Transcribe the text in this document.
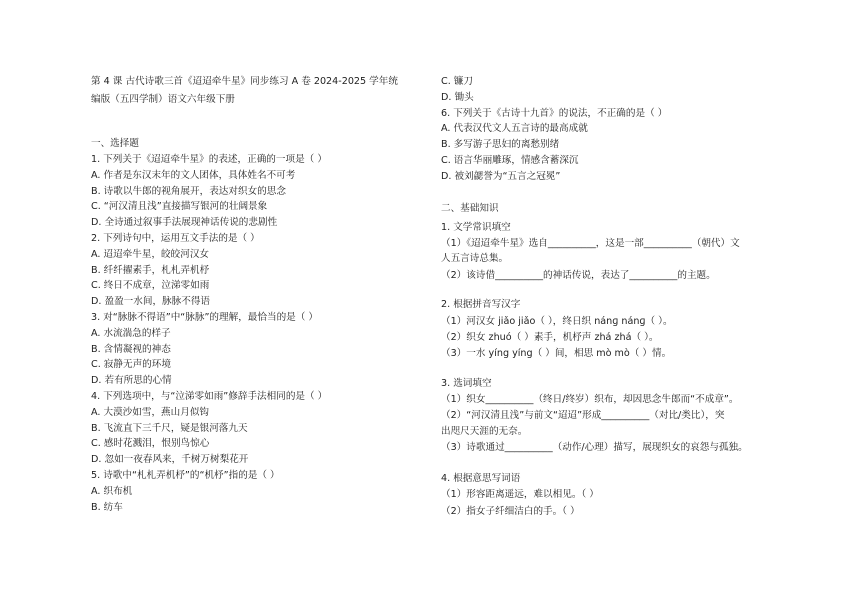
第 4 课 古代诗歌三首《迢迢牵牛星》同步练习 A 卷 2024-2025 学年统
编版（五四学制）语文六年级下册
一、选择题
1. 下列关于《迢迢牵牛星》的表述，正确的一项是（ ）
A. 作者是东汉末年的文人团体，具体姓名不可考
B. 诗歌以牛郎的视角展开，表达对织女的思念
C. “河汉清且浅”直接描写银河的壮阔景象
D. 全诗通过叙事手法展现神话传说的悲剧性
2. 下列诗句中，运用互文手法的是（ ）
A. 迢迢牵牛星，皎皎河汉女
B. 纤纤擢素手，札札弄机杼
C. 终日不成章，泣涕零如雨
D. 盈盈一水间，脉脉不得语
3. 对“脉脉不得语”中“脉脉”的理解，最恰当的是（ ）
A. 水流湍急的样子
B. 含情凝视的神态
C. 寂静无声的环境
D. 若有所思的心情
4. 下列选项中，与“泣涕零如雨”修辞手法相同的是（ ）
A. 大漠沙如雪，燕山月似钩
B. 飞流直下三千尺，疑是银河落九天
C. 感时花溅泪，恨别鸟惊心
D. 忽如一夜春风来，千树万树梨花开
5. 诗歌中“札札弄机杼”的“机杼”指的是（ ）
A. 织布机
B. 纺车
C. 镰刀
D. 锄头
6. 下列关于《古诗十九首》的说法，不正确的是（ ）
A. 代表汉代文人五言诗的最高成就
B. 多写游子思妇的离愁别绪
C. 语言华丽雕琢，情感含蓄深沉
D. 被刘勰誉为“五言之冠冕”
二、基础知识
1. 文学常识填空
（1）《迢迢牵牛星》选自__________，这是一部__________（朝代）文
人五言诗总集。
（2）该诗借__________的神话传说，表达了__________的主题。
2. 根据拼音写汉字
（1）河汉女 jiǎo jiǎo（ ），终日织 nánɡ nánɡ（ ）。
（2）织女 zhuó（ ）素手，机杼声 zhá zhá（ ）。
（3）一水 yíng yíng（ ）间，相思 mò mò（ ）情。
3. 选词填空
（1）织女__________（终日/终岁）织布，却因思念牛郎而“不成章”。
（2）“河汉清且浅”与前文“迢迢”形成__________（对比/类比），突
出咫尺天涯的无奈。
（3）诗歌通过__________（动作/心理）描写，展现织女的哀怨与孤独。
4. 根据意思写词语
（1）形容距离遥远，难以相见。（ ）
（2）指女子纤细洁白的手。（ ）
